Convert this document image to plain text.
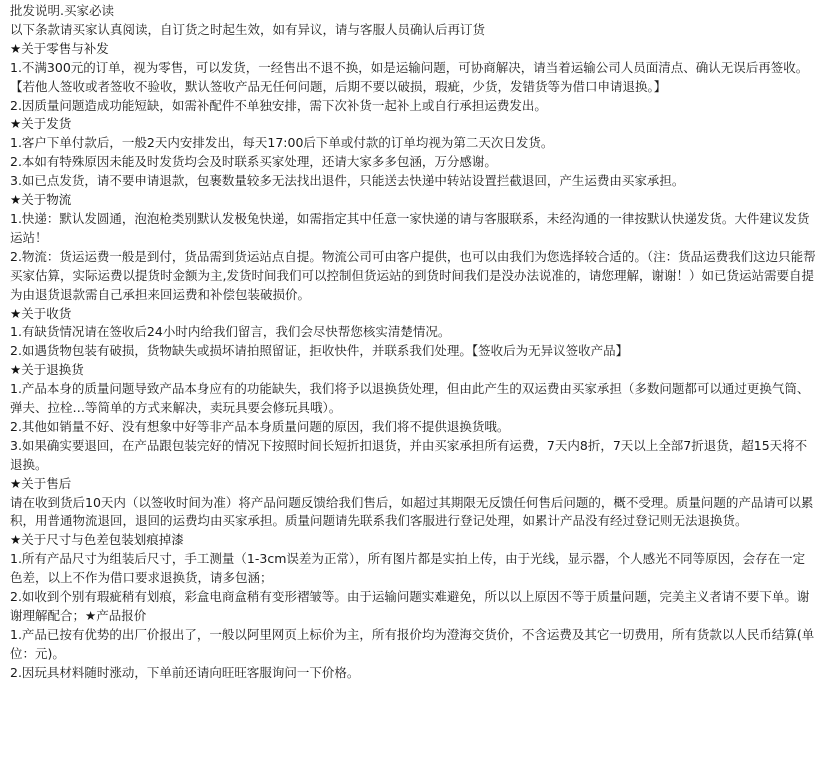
批发说明.买家必读
以下条款请买家认真阅读，自订货之时起生效，如有异议，请与客服人员确认后再订货
★关于零售与补发
1.不满300元的订单，视为零售，可以发货，一经售出不退不换，如是运输问题，可协商解决，请当着运输公司人员面清点、确认无误后再签收。【若他人签收或者签收不验收，默认签收产品无任何问题，后期不要以破损，瑕疵，少货，发错货等为借口申请退换。】
2.因质量问题造成功能短缺，如需补配件不单独安排，需下次补货一起补上或自行承担运费发出。
★关于发货
1.客户下单付款后，一般2天内安排发出，每天17:00后下单或付款的订单均视为第二天次日发货。
2.本如有特殊原因未能及时发货均会及时联系买家处理，还请大家多多包涵，万分感谢。
3.如已点发货，请不要申请退款，包裹数量较多无法找出退件，只能送去快递中转站设置拦截退回，产生运费由买家承担。
★关于物流
1.快递：默认发圆通，泡泡枪类别默认发极兔快递，如需指定其中任意一家快递的请与客服联系，未经沟通的一律按默认快递发货。大件建议发货运站！
2.物流：货运运费一般是到付，货品需到货运站点自提。物流公司可由客户提供，也可以由我们为您选择较合适的。（注：货品运费我们这边只能帮买家估算，实际运费以提货时金额为主,发货时间我们可以控制但货运站的到货时间我们是没办法说准的，请您理解，谢谢！）如已货运站需要自提为由退货退款需自己承担来回运费和补偿包装破损价。
★关于收货
1.有缺货情况请在签收后24小时内给我们留言，我们会尽快帮您核实清楚情况。
2.如遇货物包装有破损，货物缺失或损坏请拍照留证，拒收快件，并联系我们处理。【签收后为无异议签收产品】
★关于退换货
1.产品本身的质量问题导致产品本身应有的功能缺失，我们将予以退换货处理，但由此产生的双运费由买家承担（多数问题都可以通过更换气筒、弹夫、拉栓…等简单的方式来解决，卖玩具要会修玩具哦）。
2.其他如销量不好、没有想象中好等非产品本身质量问题的原因，我们将不提供退换货哦。
3.如果确实要退回，在产品跟包装完好的情况下按照时间长短折扣退货，并由买家承担所有运费，7天内8折，7天以上全部7折退货，超15天将不退换。
★关于售后
请在收到货后10天内（以签收时间为准）将产品问题反馈给我们售后，如超过其期限无反馈任何售后问题的，概不受理。质量问题的产品请可以累积，用普通物流退回，退回的运费均由买家承担。质量问题请先联系我们客服进行登记处理，如累计产品没有经过登记则无法退换货。
★关于尺寸与色差包装划痕掉漆
1.所有产品尺寸为组装后尺寸，手工测量（1-3cm误差为正常），所有图片都是实拍上传，由于光线，显示器，个人感光不同等原因，会存在一定色差，以上不作为借口要求退换货，请多包涵；
2.如收到个别有瑕疵稍有划痕，彩盒电商盒稍有变形褶皱等。由于运输问题实难避免，所以以上原因不等于质量问题，完美主义者请不要下单。谢谢理解配合；★产品报价
1.产品已按有优势的出厂价报出了，一般以阿里网页上标价为主，所有报价均为澄海交货价，不含运费及其它一切费用，所有货款以人民币结算(单位：元)。
2.因玩具材料随时涨动，下单前还请向旺旺客服询问一下价格。
